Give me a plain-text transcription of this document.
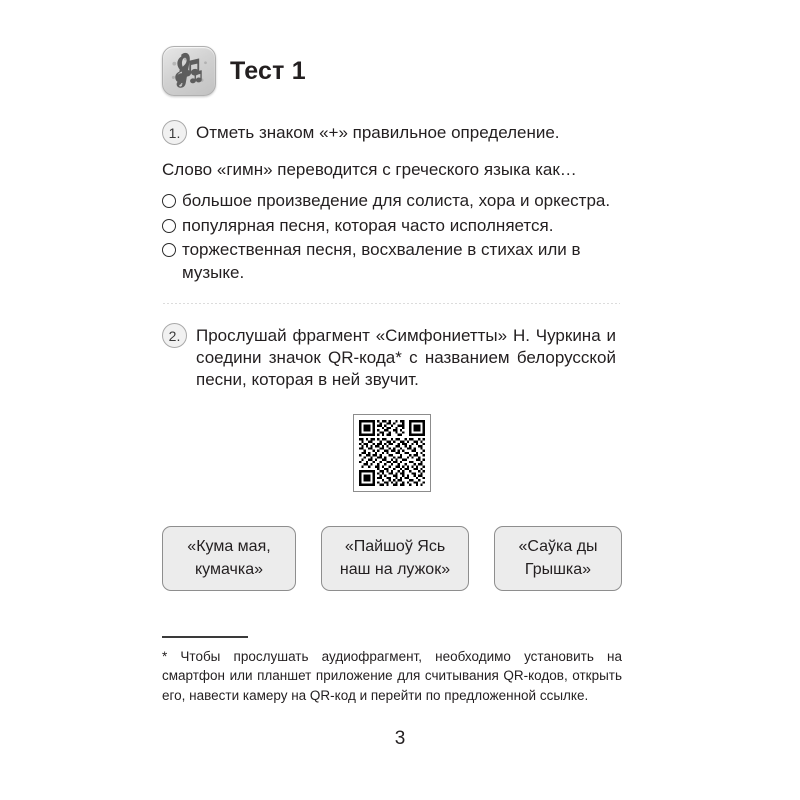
Тест 1
1. Отметь знаком «+» правильное определение.
Слово «гимн» переводится с греческого языка как…
большое произведение для солиста, хора и оркестра.
популярная песня, которая часто исполняется.
торжественная песня, восхваление в стихах или в музыке.
2. Прослушай фрагмент «Симфониетты» Н. Чуркина и соедини значок QR-кода* с названием белорусской песни, которая в ней звучит.
«Кума мая, кумачка»
«Пайшоў Ясь наш на лужок»
«Саўка ды Грышка»
* Чтобы прослушать аудиофрагмент, необходимо установить на смартфон или планшет приложение для считывания QR-кодов, открыть его, навести камеру на QR-код и перейти по предложенной ссылке.
3
